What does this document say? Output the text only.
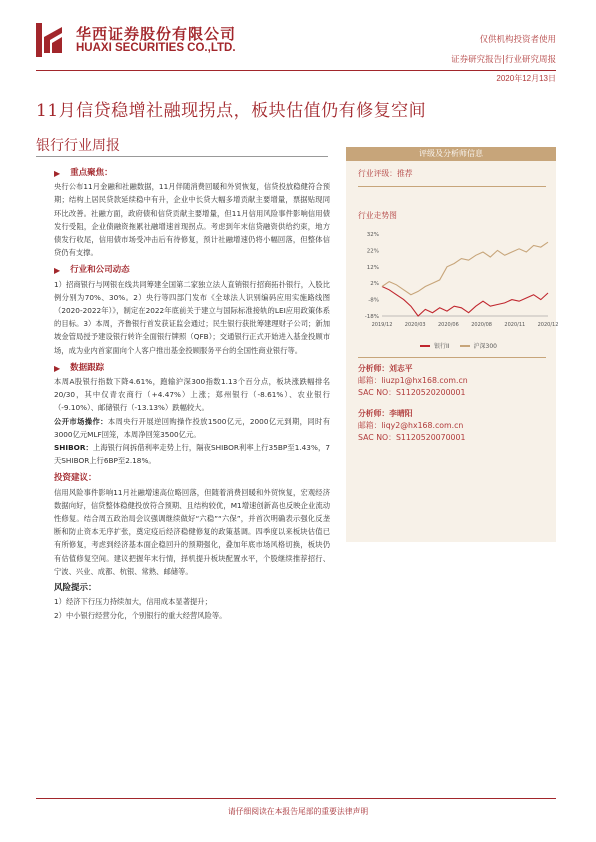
华西证券股份有限公司
HUAXI SECURITIES CO.,LTD.
仅供机构投资者使用
证券研究报告|行业研究周报
2020年12月13日
11月信贷稳增社融现拐点，板块估值仍有修复空间
银行行业周报
▶ 重点聚焦：
央行公布11月金融和社融数据，11月伴随消费回暖和外贸恢复，信贷投放稳健符合预期；结构上居民贷款延续稳中有升，企业中长贷大幅多增贡献主要增量，票据贴现同环比改善。社融方面，政府债和信贷贡献主要增量，但11月信用风险事件影响信用债发行受阻，企业债融资拖累社融增速首现拐点。考虑到年末信贷融资供给约束，地方债发行收尾，信用债市场受冲击后有待修复，预计社融增速仍将小幅回落，但整体信贷仍有支撑。
▶ 行业和公司动态
1）招商银行与网银在线共同筹建全国第二家独立法人直销银行招商拓扑银行，入股比例分别为70%、30%。2）央行等四部门发布《全球法人识别编码应用实施路线图（2020-2022年）》，制定在2022年底前关于建立与国际标准接轨的LEI应用政策体系的目标。3）本周，齐鲁银行首发获证监会通过；民生银行获批筹建理财子公司；新加坡金管局授予建设银行转许全面银行牌照（QFB）；交通银行正式开始进入基金投顾市场，成为业内首家面向个人客户推出基金投顾服务平台的全国性商业银行等。
▶ 数据跟踪
本周A股银行指数下降4.61%，跑输沪深300指数1.13个百分点，板块涨跌幅排名20/30，其中仅青农商行（+4.47%）上涨；郑州银行（-8.61%）、农业银行（-9.10%）、邮储银行（-13.13%）跌幅较大。
公开市场操作：本周央行开展逆回购操作投放1500亿元，2000亿元到期，同时有3000亿元MLF回笼，本周净回笼3500亿元。
SHIBOR：上海银行间拆借利率走势上行，隔夜SHIBOR利率上行35BP至1.43%，7天SHIBOR上行6BP至2.18%。
投资建议：
信用风险事件影响11月社融增速高位略回落，但随着消费回暖和外贸恢复，宏观经济数据向好，信贷整体稳健投放符合预期、且结构较优，M1增速创新高也反映企业流动性修复。结合周五政治局会议强调继续做好“六稳”“六保”，并首次明确表示强化反垄断和防止资本无序扩张，奠定疫后经济稳健修复的政策基调。四季度以来板块估值已有所修复，考虑到经济基本面企稳回升的预期强化，叠加年底市场风格切换，板块仍有估值修复空间。建议把握年末行情，择机提升板块配置水平，个股继续推荐招行、宁波、兴业、成都、杭银、常熟、邮储等。
风险提示：
1）经济下行压力持续加大，信用成本显著提升；
2）中小银行经营分化，个别银行的重大经营风险等。
评级及分析师信息
行业评级：推荐
行业走势图
32%
22%
12%
2%
-8%
-18%
2019/12 2020/03 2020/06 2020/08 2020/11 2020/12
银行II	沪深300
分析师：刘志平
邮箱：liuzp1@hx168.com.cn
SAC NO：S1120520200001
分析师：李晴阳
邮箱：liqy2@hx168.com.cn
SAC NO：S1120520070001
请仔细阅读在本报告尾部的重要法律声明
